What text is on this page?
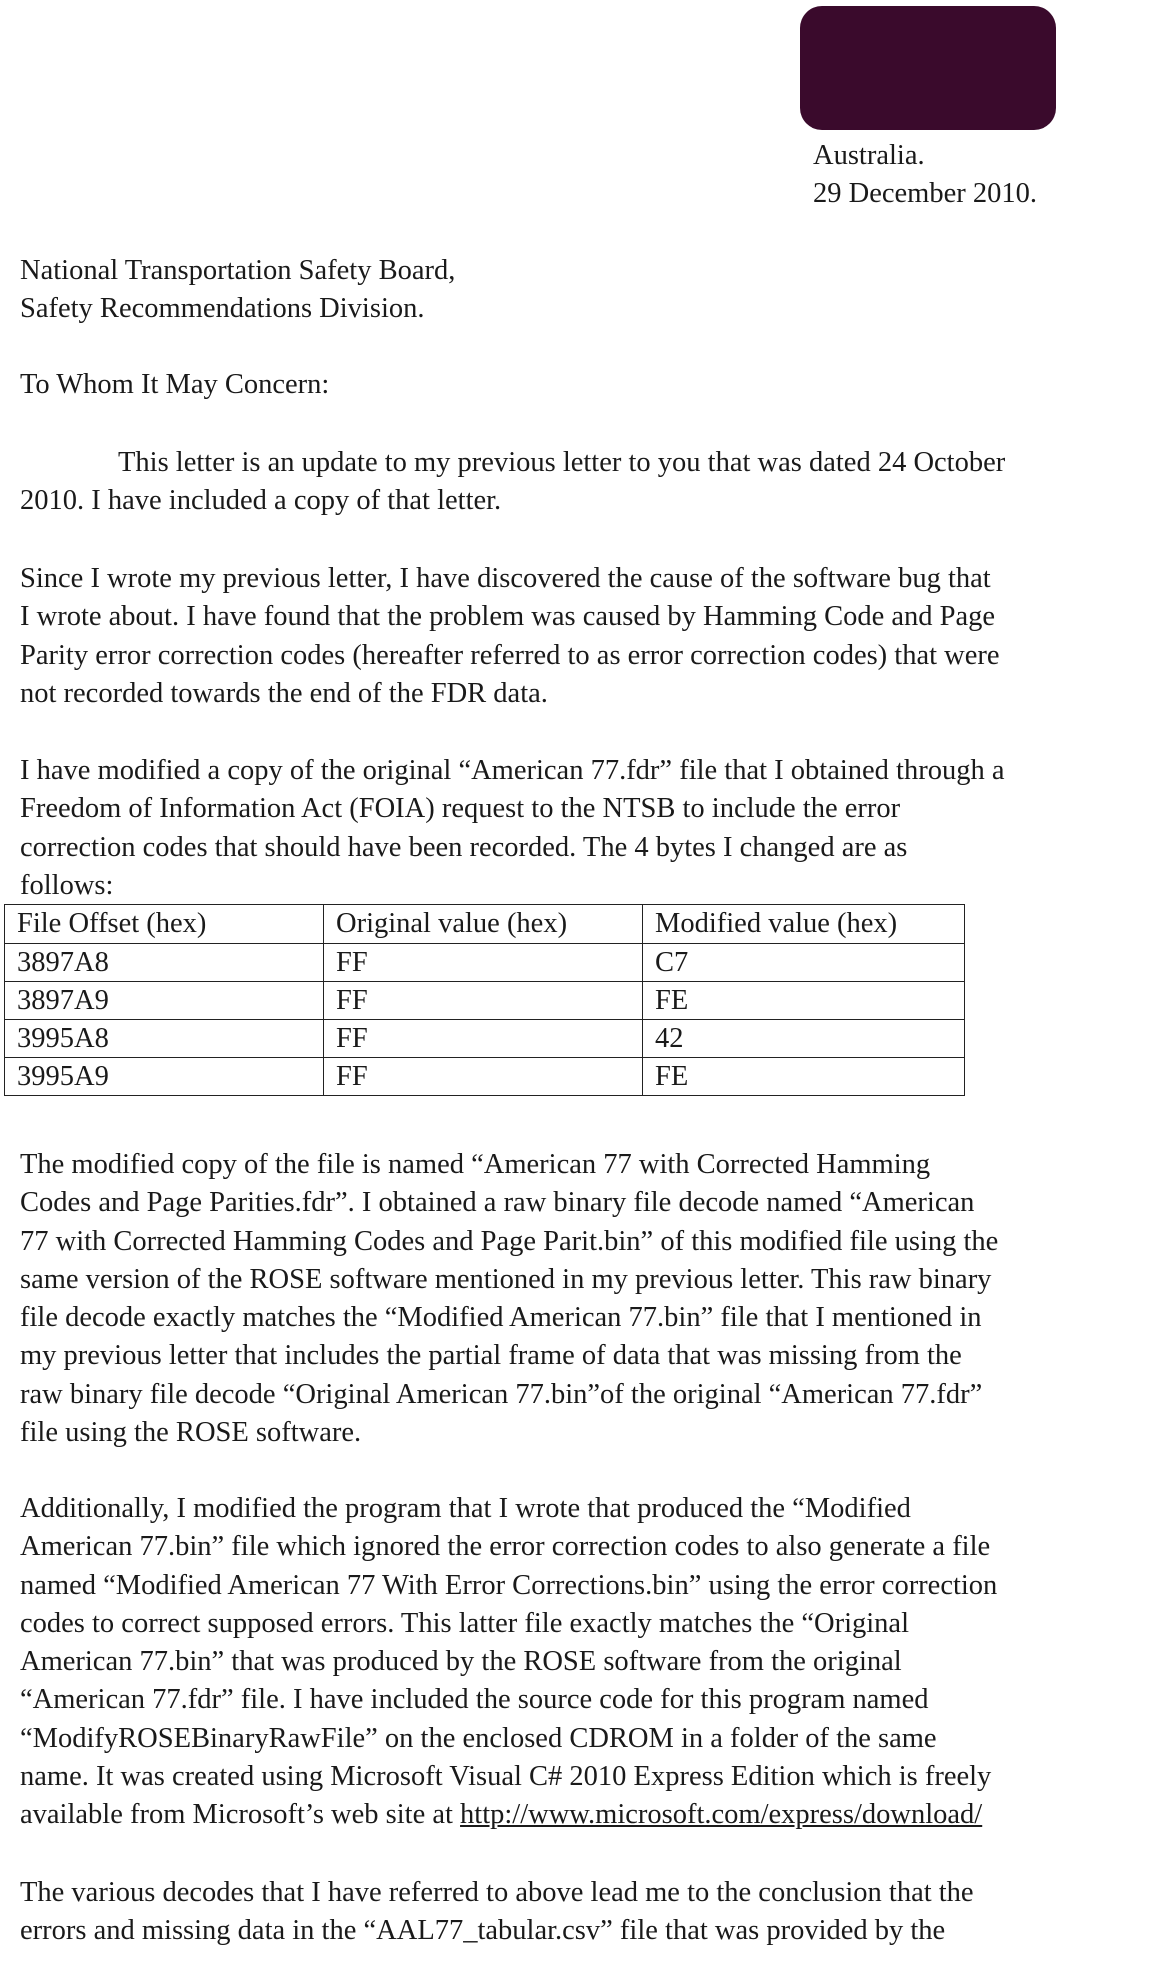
Australia.
29 December 2010.
National Transportation Safety Board,
Safety Recommendations Division.
To Whom It May Concern:
This letter is an update to my previous letter to you that was dated 24 October
2010. I have included a copy of that letter.
Since I wrote my previous letter, I have discovered the cause of the software bug that
I wrote about. I have found that the problem was caused by Hamming Code and Page
Parity error correction codes (hereafter referred to as error correction codes) that were
not recorded towards the end of the FDR data.
I have modified a copy of the original “American 77.fdr” file that I obtained through a
Freedom of Information Act (FOIA) request to the NTSB to include the error
correction codes that should have been recorded. The 4 bytes I changed are as
follows:
File Offset (hex)	Original value (hex)	Modified value (hex)
3897A8	FF	C7
3897A9	FF	FE
3995A8	FF	42
3995A9	FF	FE
The modified copy of the file is named “American 77 with Corrected Hamming
Codes and Page Parities.fdr”. I obtained a raw binary file decode named “American
77 with Corrected Hamming Codes and Page Parit.bin” of this modified file using the
same version of the ROSE software mentioned in my previous letter. This raw binary
file decode exactly matches the “Modified American 77.bin” file that I mentioned in
my previous letter that includes the partial frame of data that was missing from the
raw binary file decode “Original American 77.bin”of the original “American 77.fdr”
file using the ROSE software.
Additionally, I modified the program that I wrote that produced the “Modified
American 77.bin” file which ignored the error correction codes to also generate a file
named “Modified American 77 With Error Corrections.bin” using the error correction
codes to correct supposed errors. This latter file exactly matches the “Original
American 77.bin” that was produced by the ROSE software from the original
“American 77.fdr” file. I have included the source code for this program named
“ModifyROSEBinaryRawFile” on the enclosed CDROM in a folder of the same
name. It was created using Microsoft Visual C# 2010 Express Edition which is freely
available from Microsoft’s web site at http://www.microsoft.com/express/download/
The various decodes that I have referred to above lead me to the conclusion that the
errors and missing data in the “AAL77_tabular.csv” file that was provided by the
